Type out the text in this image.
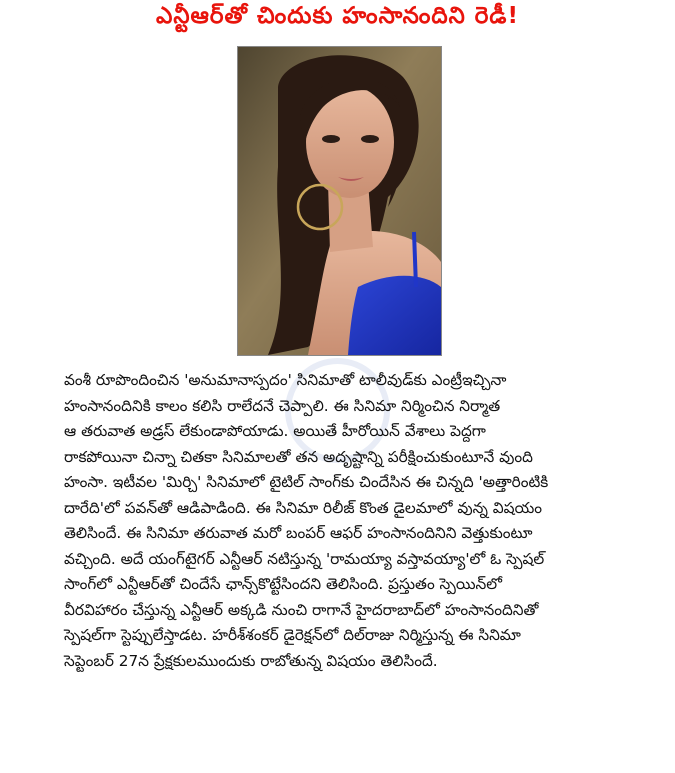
ఎన్టీఆర్‌తో చిందుకు హంసానందిని రెడీ!
వంశీ రూపొందించిన 'అనుమానాస్పదం' సినిమాతో టాలీవుడ్‌కు ఎంట్రీఇచ్చినా
హంసానందినికి కాలం కలిసి రాలేదనే చెప్పాలి. ఈ సినిమా నిర్మించిన నిర్మాత
ఆ తరువాత అడ్రస్ లేకుండాపోయాడు. అయితే హీరోయిన్ వేశాలు పెద్దగా
రాకపోయినా చిన్నా చితకా సినిమాలతో తన అదృష్టాన్ని పరీక్షించుకుంటూనే వుంది
హంసా. ఇటీవల 'మిర్చి' సినిమాలో టైటిల్ సాంగ్‌కు చిందేసిన ఈ చిన్నది 'అత్తారింటికి
దారేది'లో పవన్‌తో ఆడిపాడింది. ఈ సినిమా రిలీజ్ కొంత డైలమాలో వున్న విషయం
తెలిసిందే. ఈ సినిమా తరువాత మరో బంపర్ ఆఫర్ హంసానందినిని వెత్తుకుంటూ
వచ్చింది. అదే యంగ్‌టైగర్ ఎన్టీఆర్ నటిస్తున్న 'రామయ్యా వస్తావయ్యా'లో ఓ స్పెషల్
సాంగ్‌లో ఎన్టీఆర్‌తో చిందేసే ఛాన్స్‌కొట్టేసిందని తెలిసింది. ప్రస్తుతం స్పెయిన్‌లో
వీరవిహారం చేస్తున్న ఎన్టీఆర్ అక్కడి నుంచి రాగానే హైదరాబాద్‌లో హంసానందినితో
స్పెషల్‌గా స్టెప్పులేస్తాడట. హరీశ్‌శంకర్ డైరెక్షన్‌లో దిల్‌రాజు నిర్మిస్తున్న ఈ సినిమా
సెప్టెంబర్ 27న ప్రేక్షకులముందుకు రాబోతున్న విషయం తెలిసిందే.
